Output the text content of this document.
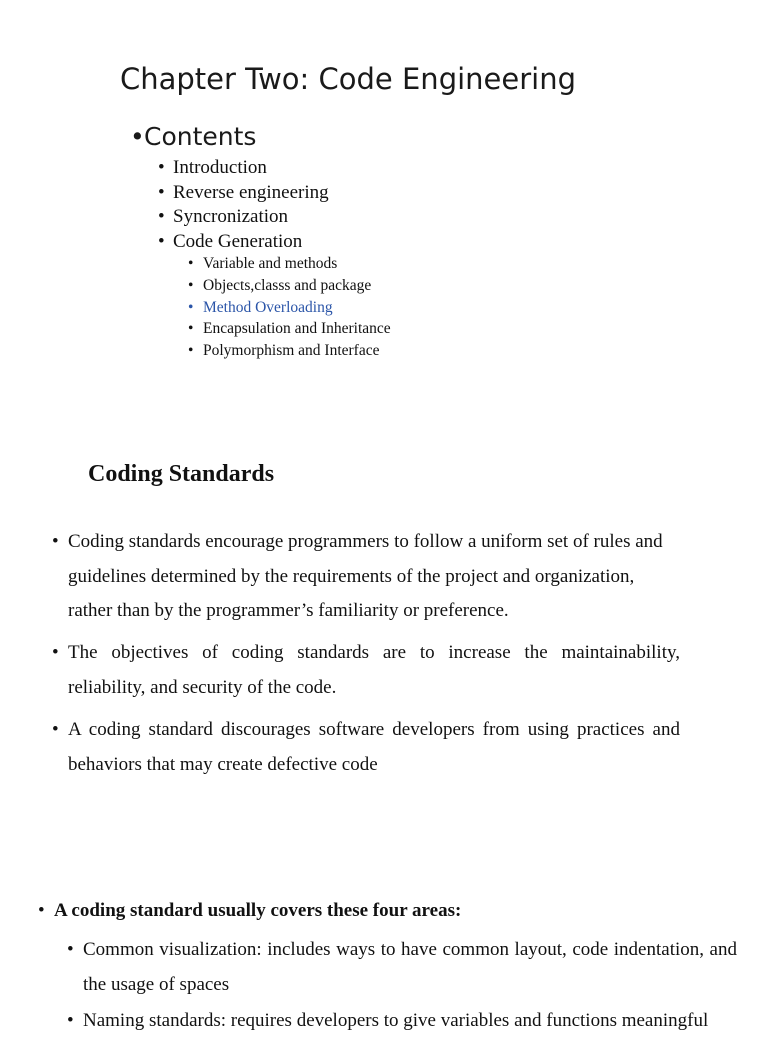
Chapter Two: Code Engineering
• Contents
• Introduction
• Reverse engineering
• Syncronization
• Code Generation
• Variable and methods
• Objects,classs and package
• Method Overloading
• Encapsulation and Inheritance
• Polymorphism and Interface
Coding Standards
• Coding standards encourage programmers to follow a uniform set of rules and
guidelines determined by the requirements of the project and organization,
rather than by the programmer’s familiarity or preference.
• The objectives of coding standards are to increase the maintainability, reliability, and security of the code.

• A coding standard discourages software developers from using practices and behaviors that may create defective code

• A coding standard usually covers these four areas:
• Common visualization: includes ways to have common layout, code indentation, and the usage of spaces

• Naming standards: requires developers to give variables and functions meaningful
